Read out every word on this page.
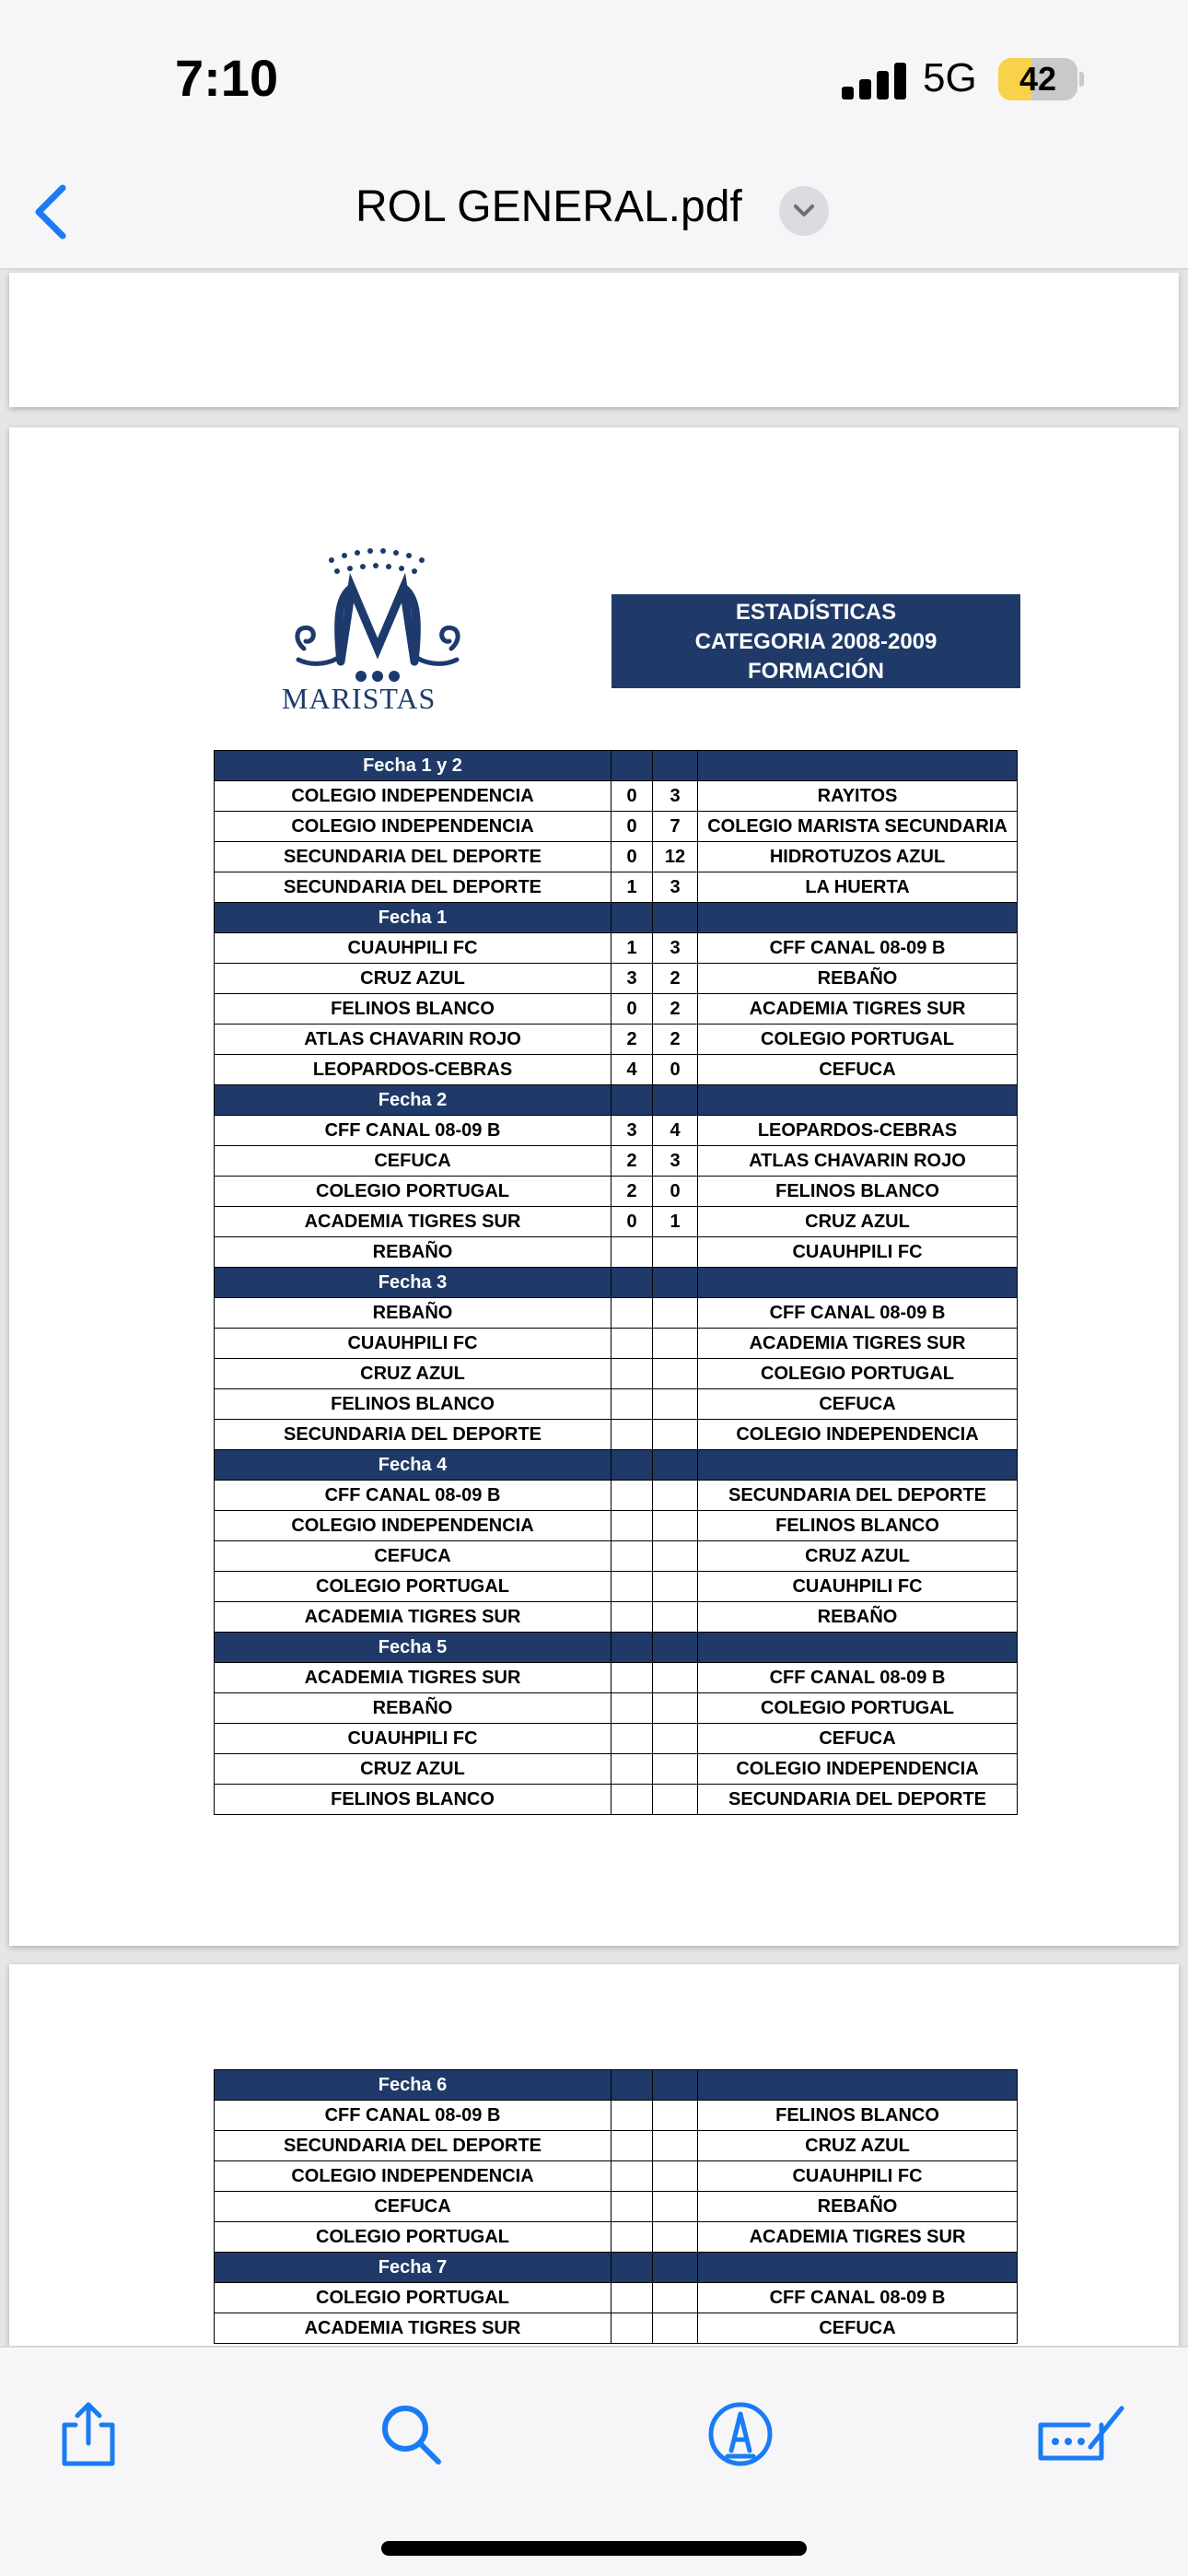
7:10	5G	42
ROL GENERAL.pdf
MARISTAS
ESTADÍSTICAS
CATEGORIA 2008-2009
FORMACIÓN
Fecha 1 y 2			
COLEGIO INDEPENDENCIA	0	3	RAYITOS
COLEGIO INDEPENDENCIA	0	7	COLEGIO MARISTA SECUNDARIA
SECUNDARIA DEL DEPORTE	0	12	HIDROTUZOS AZUL
SECUNDARIA DEL DEPORTE	1	3	LA HUERTA
Fecha 1			
CUAUHPILI FC	1	3	CFF CANAL 08-09 B
CRUZ AZUL	3	2	REBAÑO
FELINOS BLANCO	0	2	ACADEMIA TIGRES SUR
ATLAS CHAVARIN ROJO	2	2	COLEGIO PORTUGAL
LEOPARDOS-CEBRAS	4	0	CEFUCA
Fecha 2			
CFF CANAL 08-09 B	3	4	LEOPARDOS-CEBRAS
CEFUCA	2	3	ATLAS CHAVARIN ROJO
COLEGIO PORTUGAL	2	0	FELINOS BLANCO
ACADEMIA TIGRES SUR	0	1	CRUZ AZUL
REBAÑO			CUAUHPILI FC
Fecha 3			
REBAÑO			CFF CANAL 08-09 B
CUAUHPILI FC			ACADEMIA TIGRES SUR
CRUZ AZUL			COLEGIO PORTUGAL
FELINOS BLANCO			CEFUCA
SECUNDARIA DEL DEPORTE			COLEGIO INDEPENDENCIA
Fecha 4			
CFF CANAL 08-09 B			SECUNDARIA DEL DEPORTE
COLEGIO INDEPENDENCIA			FELINOS BLANCO
CEFUCA			CRUZ AZUL
COLEGIO PORTUGAL			CUAUHPILI FC
ACADEMIA TIGRES SUR			REBAÑO
Fecha 5			
ACADEMIA TIGRES SUR			CFF CANAL 08-09 B
REBAÑO			COLEGIO PORTUGAL
CUAUHPILI FC			CEFUCA
CRUZ AZUL			COLEGIO INDEPENDENCIA
FELINOS BLANCO			SECUNDARIA DEL DEPORTE
Fecha 6			
CFF CANAL 08-09 B			FELINOS BLANCO
SECUNDARIA DEL DEPORTE			CRUZ AZUL
COLEGIO INDEPENDENCIA			CUAUHPILI FC
CEFUCA			REBAÑO
COLEGIO PORTUGAL			ACADEMIA TIGRES SUR
Fecha 7			
COLEGIO PORTUGAL			CFF CANAL 08-09 B
ACADEMIA TIGRES SUR			CEFUCA
